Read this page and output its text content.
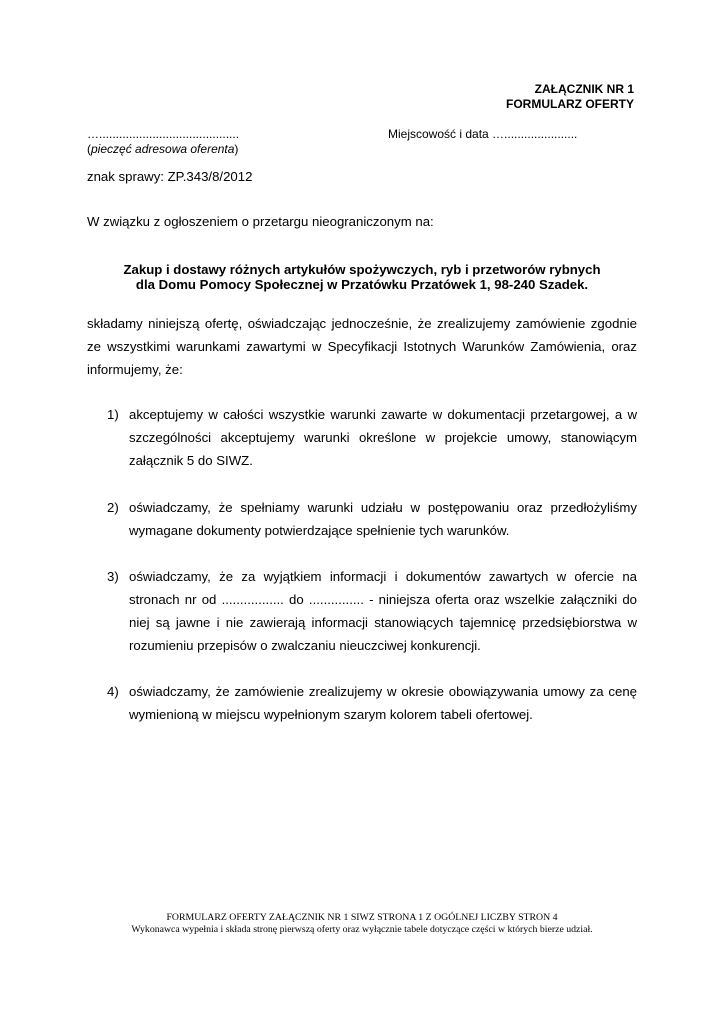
ZAŁĄCZNIK NR 1
FORMULARZ OFERTY
…..........................................
(pieczęć adresowa oferenta)
Miejscowość i data …......................
znak sprawy: ZP.343/8/2012
W związku z ogłoszeniem o przetargu nieograniczonym na:
Zakup i dostawy różnych artykułów spożywczych, ryb i przetworów rybnych
dla Domu Pomocy Społecznej w Przatówku Przatówek 1, 98-240 Szadek.
składamy niniejszą ofertę, oświadczając jednocześnie, że zrealizujemy zamówienie zgodnie ze wszystkimi warunkami zawartymi w Specyfikacji Istotnych Warunków Zamówienia, oraz informujemy, że:
1) akceptujemy w całości wszystkie warunki zawarte w dokumentacji przetargowej, a w szczególności akceptujemy warunki określone w projekcie umowy, stanowiącym załącznik 5 do SIWZ.
2) oświadczamy, że spełniamy warunki udziału w postępowaniu oraz przedłożyliśmy wymagane dokumenty potwierdzające spełnienie tych warunków.
3) oświadczamy, że za wyjątkiem informacji i dokumentów zawartych w ofercie na stronach nr od ................. do ............... - niniejsza oferta oraz wszelkie załączniki do niej są jawne i nie zawierają informacji stanowiących tajemnicę przedsiębiorstwa w rozumieniu przepisów o zwalczaniu nieuczciwej konkurencji.
4) oświadczamy, że zamówienie zrealizujemy w okresie obowiązywania umowy za cenę wymienioną w miejscu wypełnionym szarym kolorem tabeli ofertowej.
FORMULARZ OFERTY ZAŁĄCZNIK NR 1 SIWZ STRONA 1 Z OGÓLNEJ LICZBY STRON 4
Wykonawca wypełnia i składa stronę pierwszą oferty oraz wyłącznie tabele dotyczące części w których bierze udział.
